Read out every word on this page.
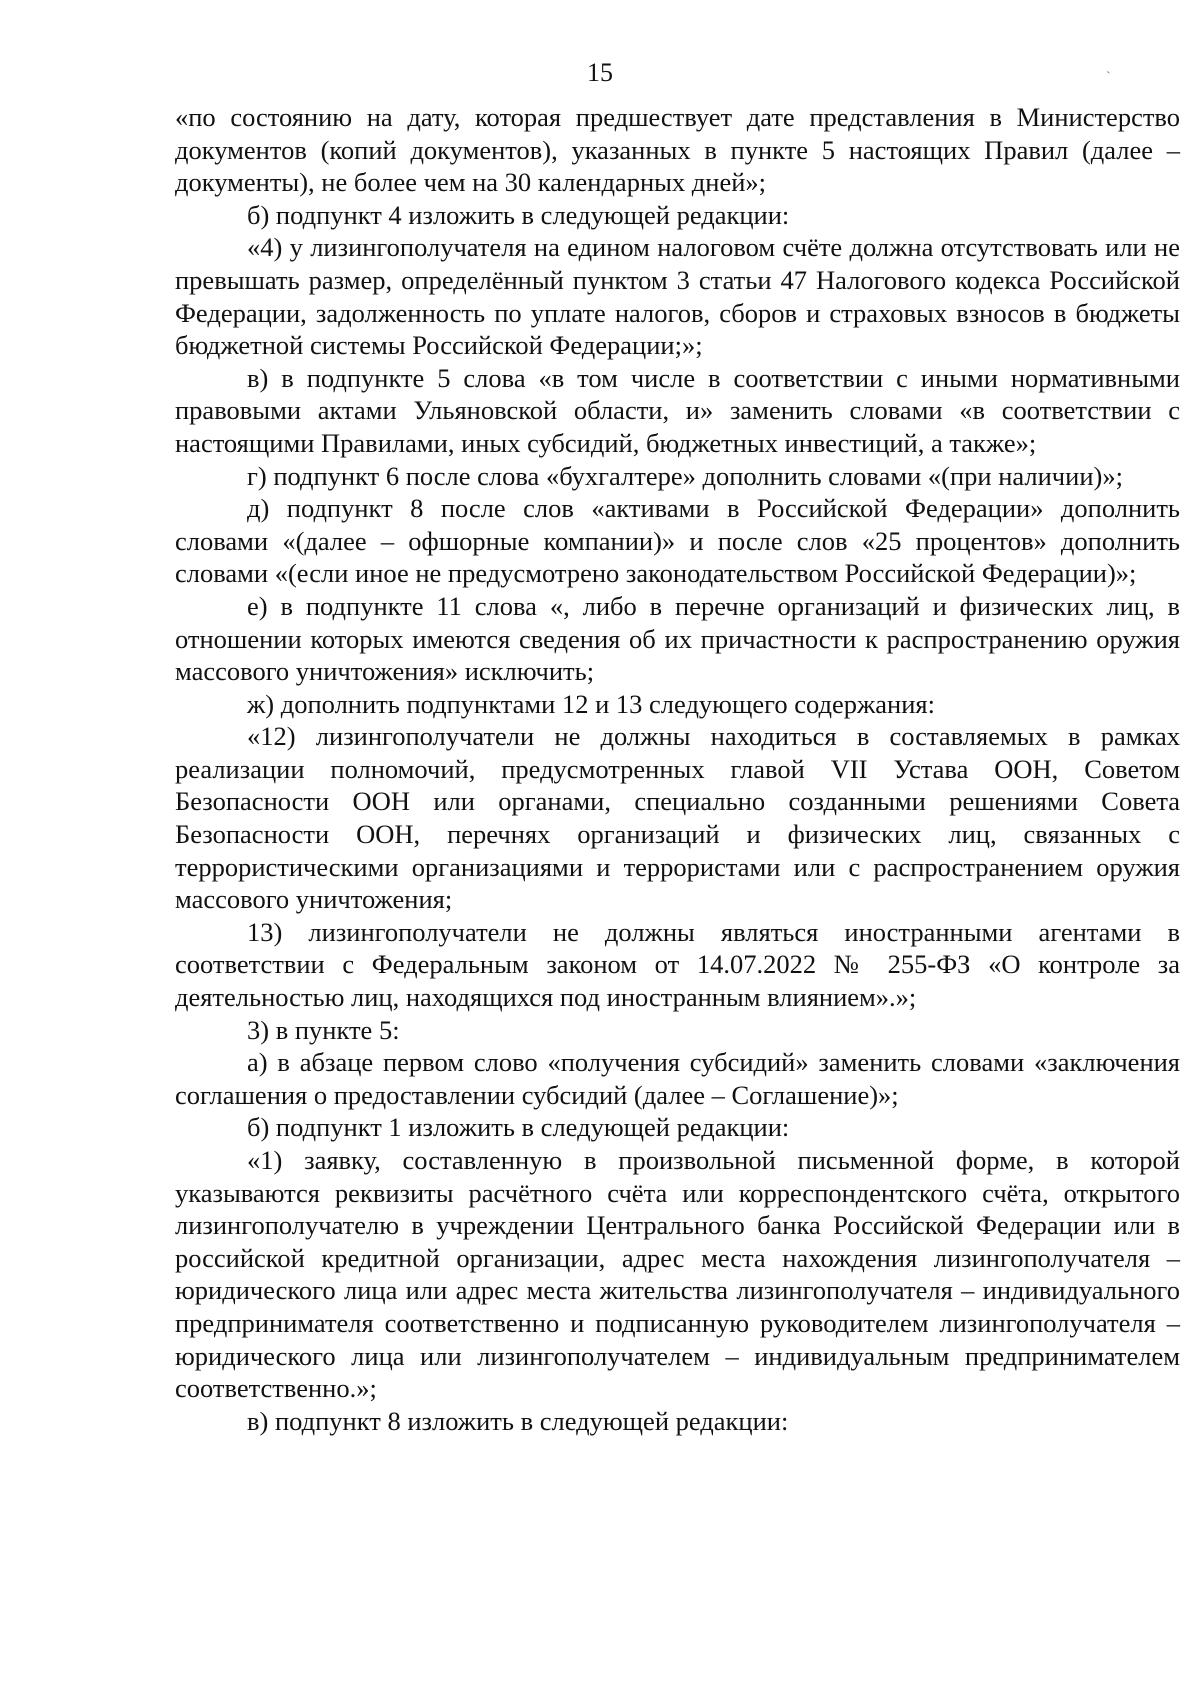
15	`

«по состоянию на дату, которая предшествует дате представления в Министерство документов (копий документов), указанных в пункте 5 настоящих Правил (далее – документы), не более чем на 30 календарных дней»;

б) подпункт 4 изложить в следующей редакции:

«4) у лизингополучателя на едином налоговом счёте должна отсутствовать или не превышать размер, определённый пунктом 3 статьи 47 Налогового кодекса Российской Федерации, задолженность по уплате налогов, сборов и страховых взносов в бюджеты бюджетной системы Российской Федерации;»;

в) в подпункте 5 слова «в том числе в соответствии с иными нормативными правовыми актами Ульяновской области, и» заменить словами «в соответствии с настоящими Правилами, иных субсидий, бюджетных инвестиций, а также»;

г) подпункт 6 после слова «бухгалтере» дополнить словами «(при наличии)»;

д) подпункт 8 после слов «активами в Российской Федерации» дополнить словами «(далее – офшорные компании)» и после слов «25 процентов» дополнить словами «(если иное не предусмотрено законодательством Российской Федерации)»;

е) в подпункте 11 слова «, либо в перечне организаций и физических лиц, в отношении которых имеются сведения об их причастности к распространению оружия массового уничтожения» исключить;

ж) дополнить подпунктами 12 и 13 следующего содержания:

«12) лизингополучатели не должны находиться в составляемых в рамках реализации полномочий, предусмотренных главой VII Устава ООН, Советом Безопасности ООН или органами, специально созданными решениями Совета Безопасности ООН, перечнях организаций и физических лиц, связанных с террористическими организациями и террористами или с распространением оружия массового уничтожения;

13) лизингополучатели не должны являться иностранными агентами в соответствии с Федеральным законом от 14.07.2022 № 255-ФЗ «О контроле за деятельностью лиц, находящихся под иностранным влиянием».»;

3) в пункте 5:

а) в абзаце первом слово «получения субсидий» заменить словами «заключения соглашения о предоставлении субсидий (далее – Соглашение)»;

б) подпункт 1 изложить в следующей редакции:

«1) заявку, составленную в произвольной письменной форме, в которой указываются реквизиты расчётного счёта или корреспондентского счёта, открытого лизингополучателю в учреждении Центрального банка Российской Федерации или в российской кредитной организации, адрес места нахождения лизингополучателя – юридического лица или адрес места жительства лизингополучателя – индивидуального предпринимателя соответственно и подписанную руководителем лизингополучателя – юридического лица или лизингополучателем – индивидуальным предпринимателем соответственно.»;

в) подпункт 8 изложить в следующей редакции:
